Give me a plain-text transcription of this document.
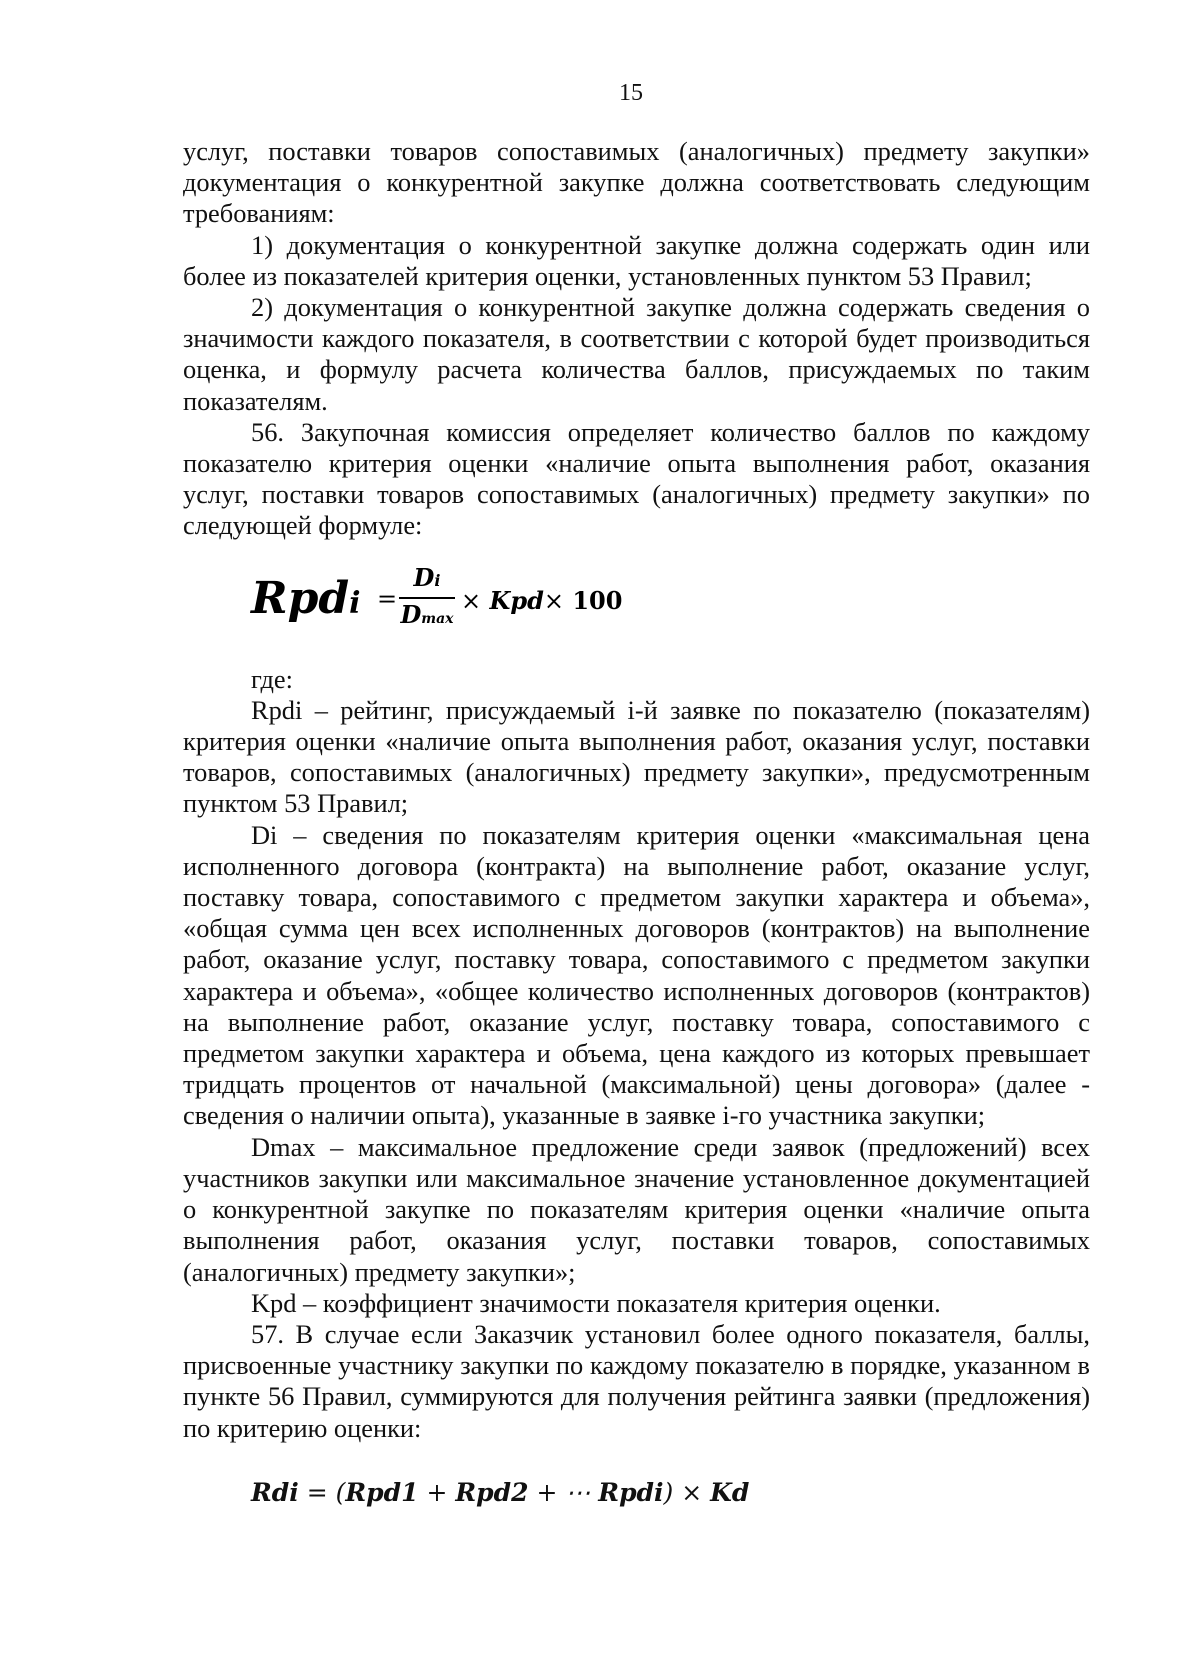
15

услуг, поставки товаров сопоставимых (аналогичных) предмету закупки» документация о конкурентной закупке должна соответствовать следующим требованиям:

1) документация о конкурентной закупке должна содержать один или более из показателей критерия оценки, установленных пунктом 53 Правил;

2) документация о конкурентной закупке должна содержать сведения о значимости каждого показателя, в соответствии с которой будет производиться оценка, и формулу расчета количества баллов, присуждаемых по таким показателям.

56. Закупочная комиссия определяет количество баллов по каждому показателю критерия оценки «наличие опыта выполнения работ, оказания услуг, поставки товаров сопоставимых (аналогичных) предмету закупки» по следующей формуле:

Rpdi =
Di
Dmax
× Kpd× 100

где:

Rpdi – рейтинг, присуждаемый i-й заявке по показателю (показателям) критерия оценки «наличие опыта выполнения работ, оказания услуг, поставки товаров, сопоставимых (аналогичных) предмету закупки», предусмотренным пунктом 53 Правил;

Di – сведения по показателям критерия оценки «максимальная цена исполненного договора (контракта) на выполнение работ, оказание услуг, поставку товара, сопоставимого с предметом закупки характера и объема», «общая сумма цен всех исполненных договоров (контрактов) на выполнение работ, оказание услуг, поставку товара, сопоставимого с предметом закупки характера и объема», «общее количество исполненных договоров (контрактов) на выполнение работ, оказание услуг, поставку товара, сопоставимого с предметом закупки характера и объема, цена каждого из которых превышает тридцать процентов от начальной (максимальной) цены договора» (далее - сведения о наличии опыта), указанные в заявке i-го участника закупки;

Dmax – максимальное предложение среди заявок (предложений) всех участников закупки или максимальное значение установленное документацией о конкурентной закупке по показателям критерия оценки «наличие опыта выполнения работ, оказания услуг, поставки товаров, сопоставимых (аналогичных) предмету закупки»;

Kpd – коэффициент значимости показателя критерия оценки.

57. В случае если Заказчик установил более одного показателя, баллы, присвоенные участнику закупки по каждому показателю в порядке, указанном в пункте 56 Правил, суммируются для получения рейтинга заявки (предложения) по критерию оценки:

Rdi = (Rpd1 + Rpd2 + ⋯ Rpdi) × Kd
